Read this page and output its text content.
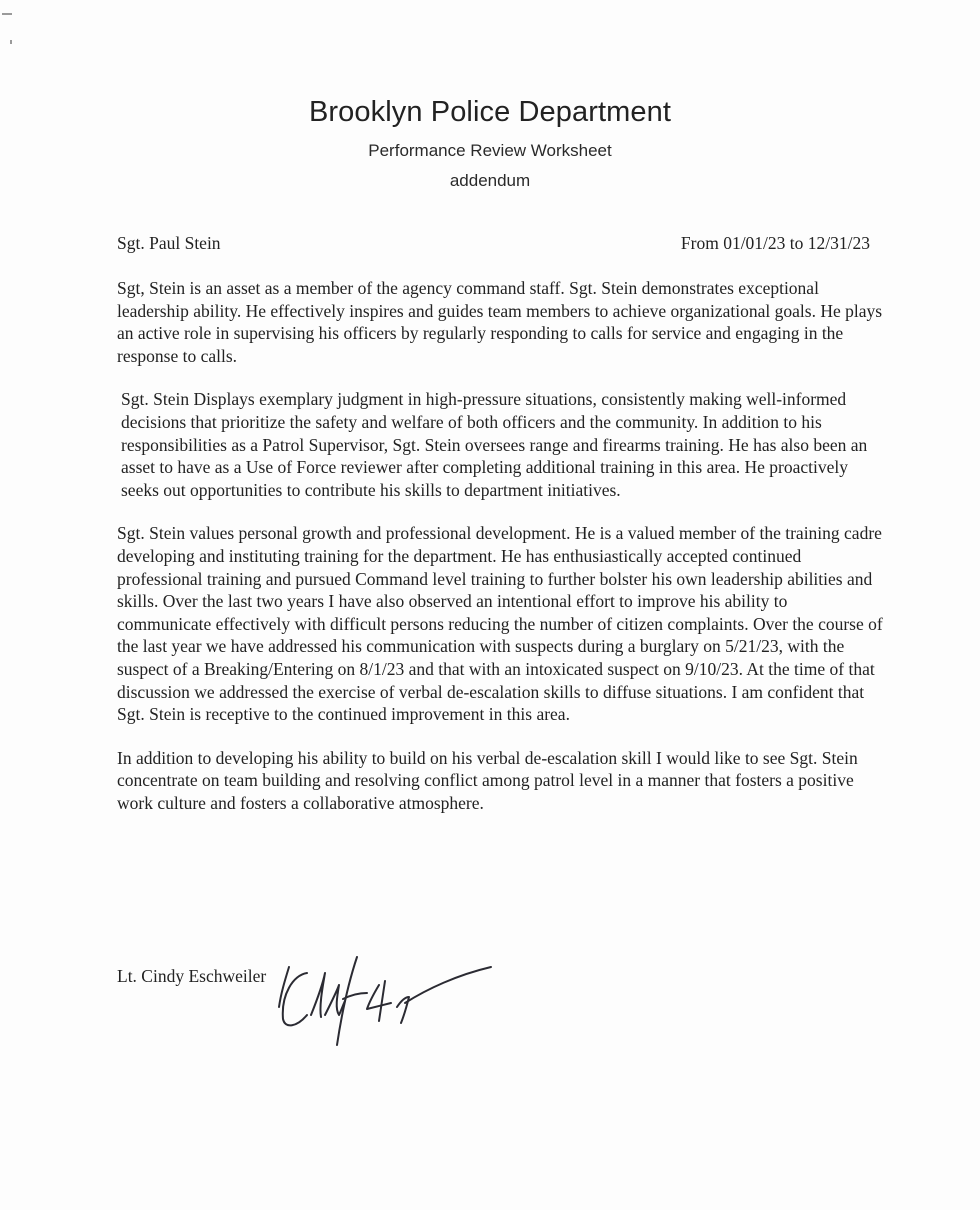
Brooklyn Police Department
Performance Review Worksheet
addendum
Sgt. Paul Stein	From 01/01/23 to 12/31/23

Sgt, Stein is an asset as a member of the agency command staff. Sgt. Stein demonstrates exceptional leadership ability. He effectively inspires and guides team members to achieve organizational goals. He plays an active role in supervising his officers by regularly responding to calls for service and engaging in the response to calls.

Sgt. Stein Displays exemplary judgment in high-pressure situations, consistently making well-informed decisions that prioritize the safety and welfare of both officers and the community. In addition to his responsibilities as a Patrol Supervisor, Sgt. Stein oversees range and firearms training. He has also been an asset to have as a Use of Force reviewer after completing additional training in this area. He proactively seeks out opportunities to contribute his skills to department initiatives.

Sgt. Stein values personal growth and professional development. He is a valued member of the training cadre developing and instituting training for the department. He has enthusiastically accepted continued professional training and pursued Command level training to further bolster his own leadership abilities and skills. Over the last two years I have also observed an intentional effort to improve his ability to communicate effectively with difficult persons reducing the number of citizen complaints. Over the course of the last year we have addressed his communication with suspects during a burglary on 5/21/23, with the suspect of a Breaking/Entering on 8/1/23 and that with an intoxicated suspect on 9/10/23. At the time of that discussion we addressed the exercise of verbal de-escalation skills to diffuse situations. I am confident that Sgt. Stein is receptive to the continued improvement in this area.

In addition to developing his ability to build on his verbal de-escalation skill I would like to see Sgt. Stein concentrate on team building and resolving conflict among patrol level in a manner that fosters a positive work culture and fosters a collaborative atmosphere.

Lt. Cindy Eschweiler
